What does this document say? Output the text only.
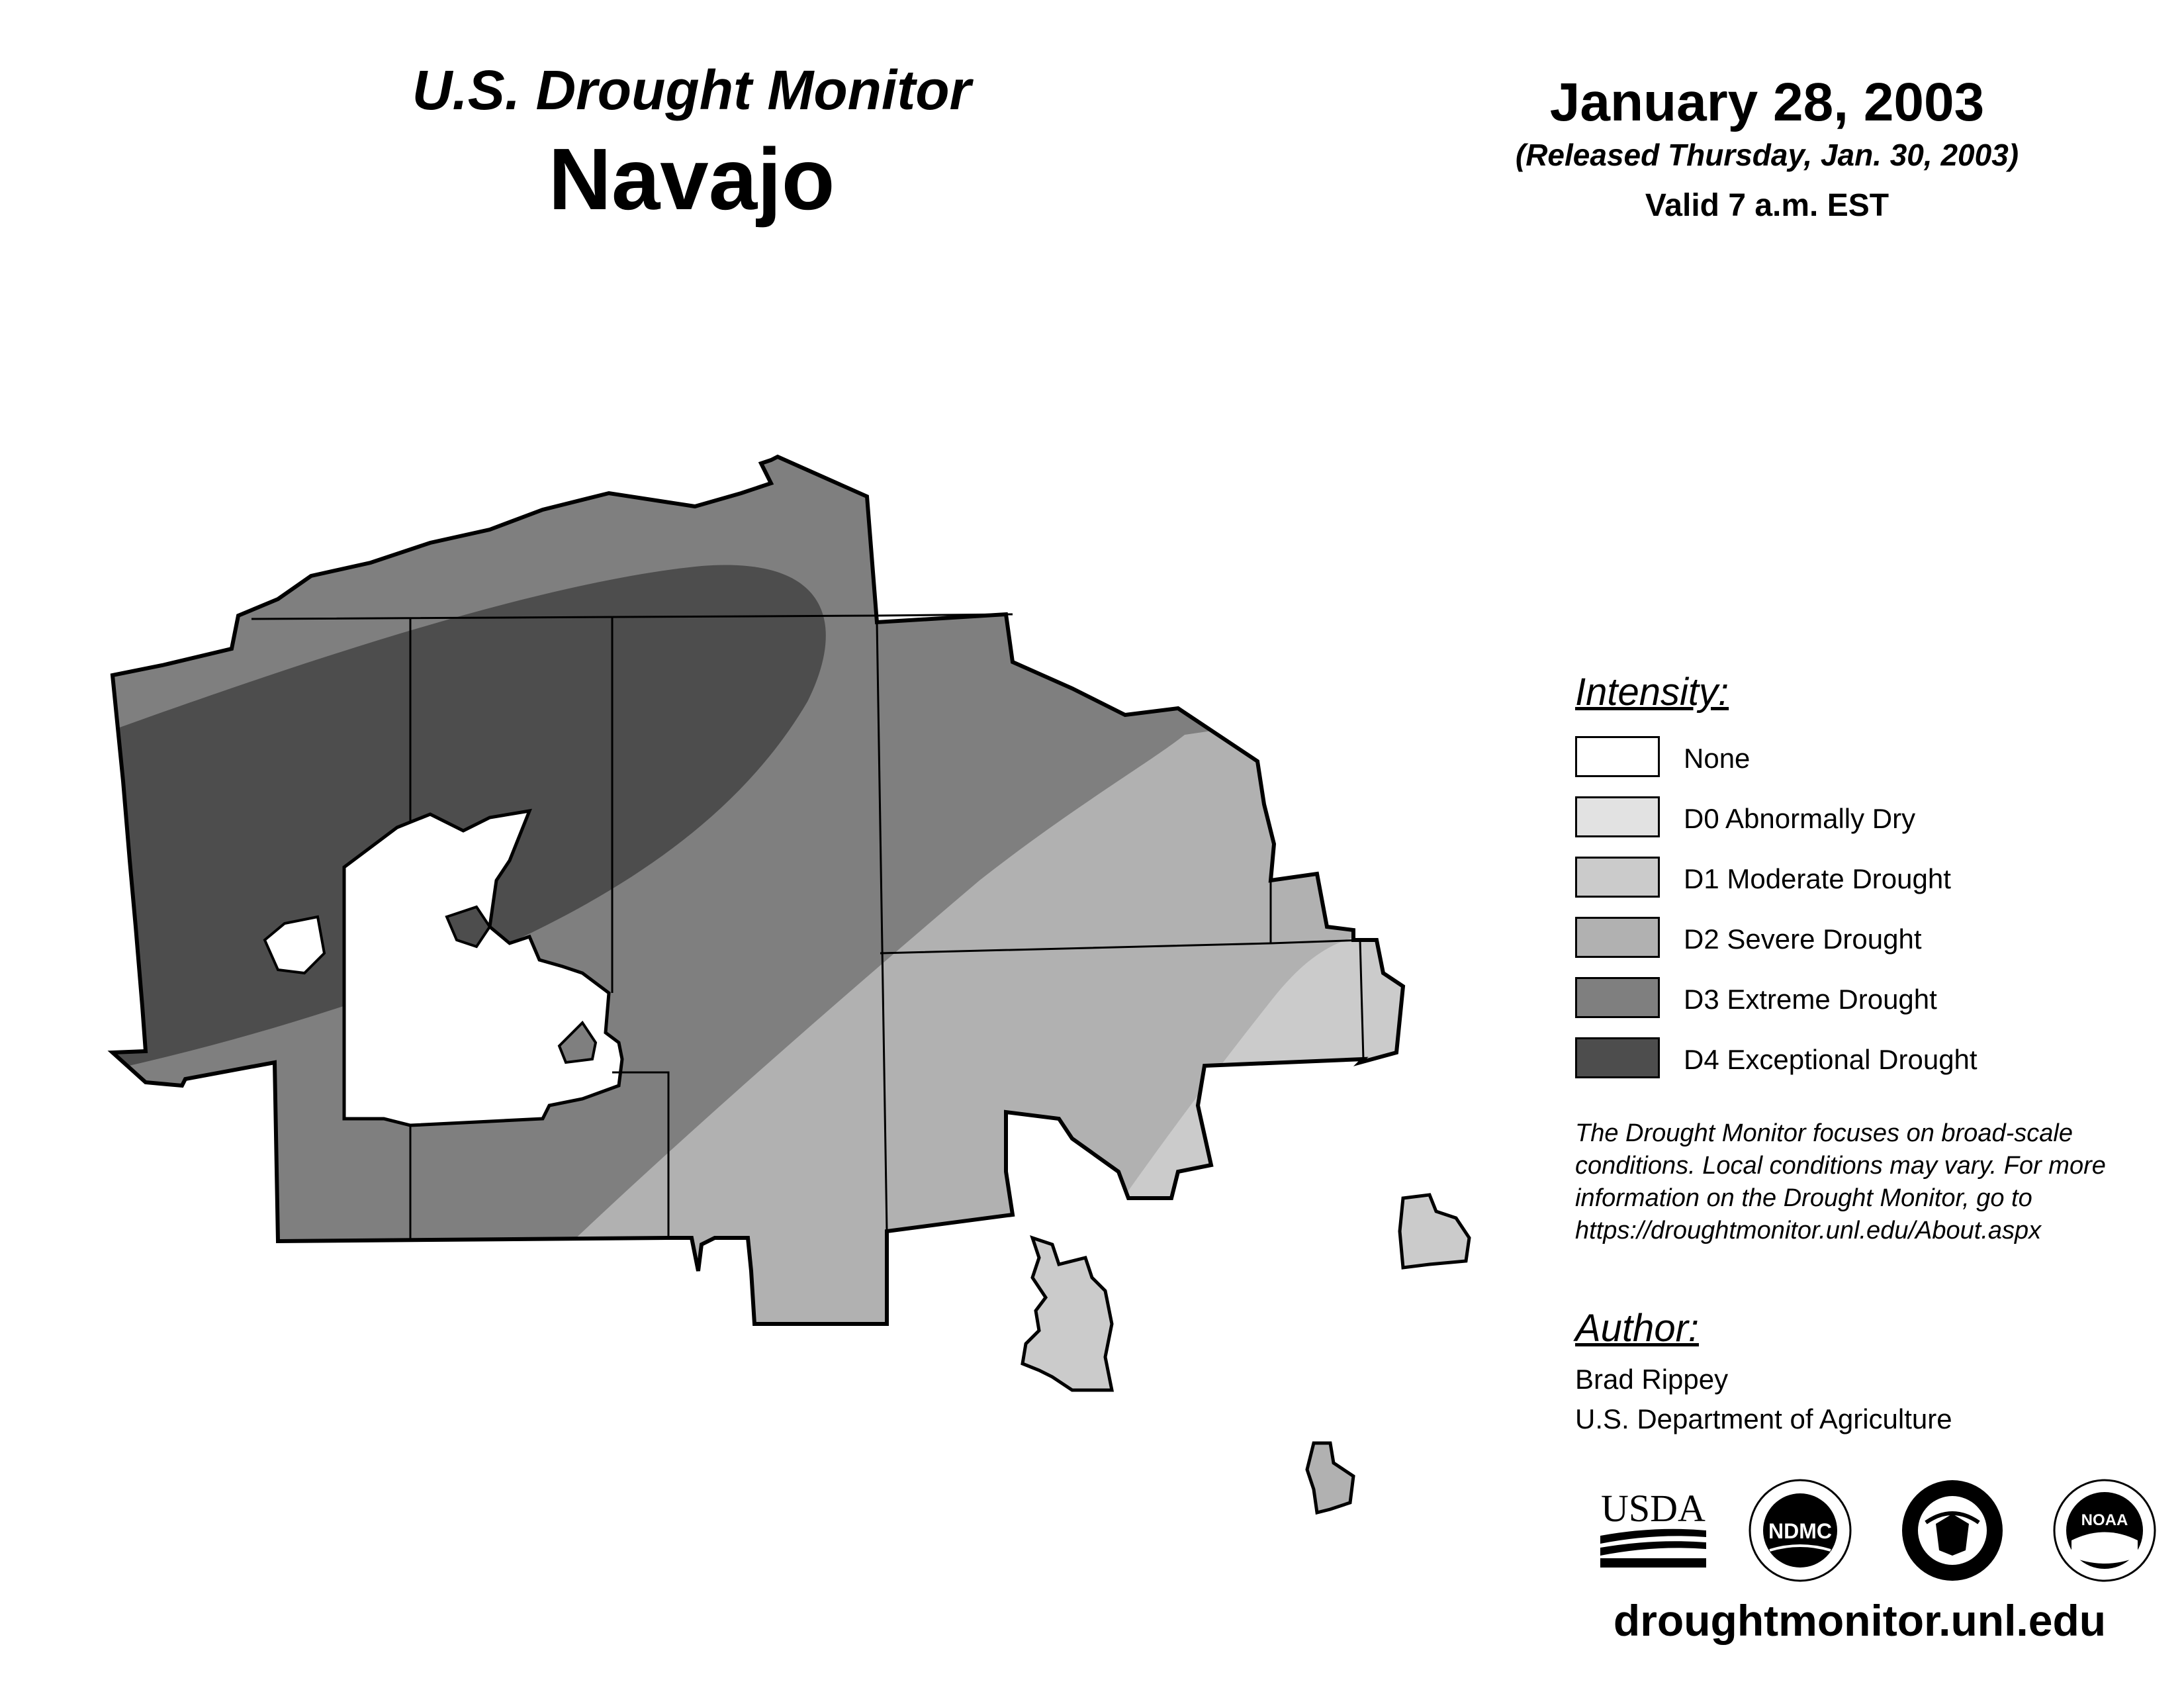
U.S. Drought Monitor
Navajo
January 28, 2003
(Released Thursday, Jan. 30, 2003)
Valid 7 a.m. EST
Intensity:
None
D0 Abnormally Dry
D1 Moderate Drought
D2 Severe Drought
D3 Extreme Drought
D4 Exceptional Drought
The Drought Monitor focuses on broad-scale conditions. Local conditions may vary. For more information on the Drought Monitor, go to https://droughtmonitor.unl.edu/About.aspx
Author:
Brad Rippey
U.S. Department of Agriculture
USDA
NDMC	NOAA
droughtmonitor.unl.edu
